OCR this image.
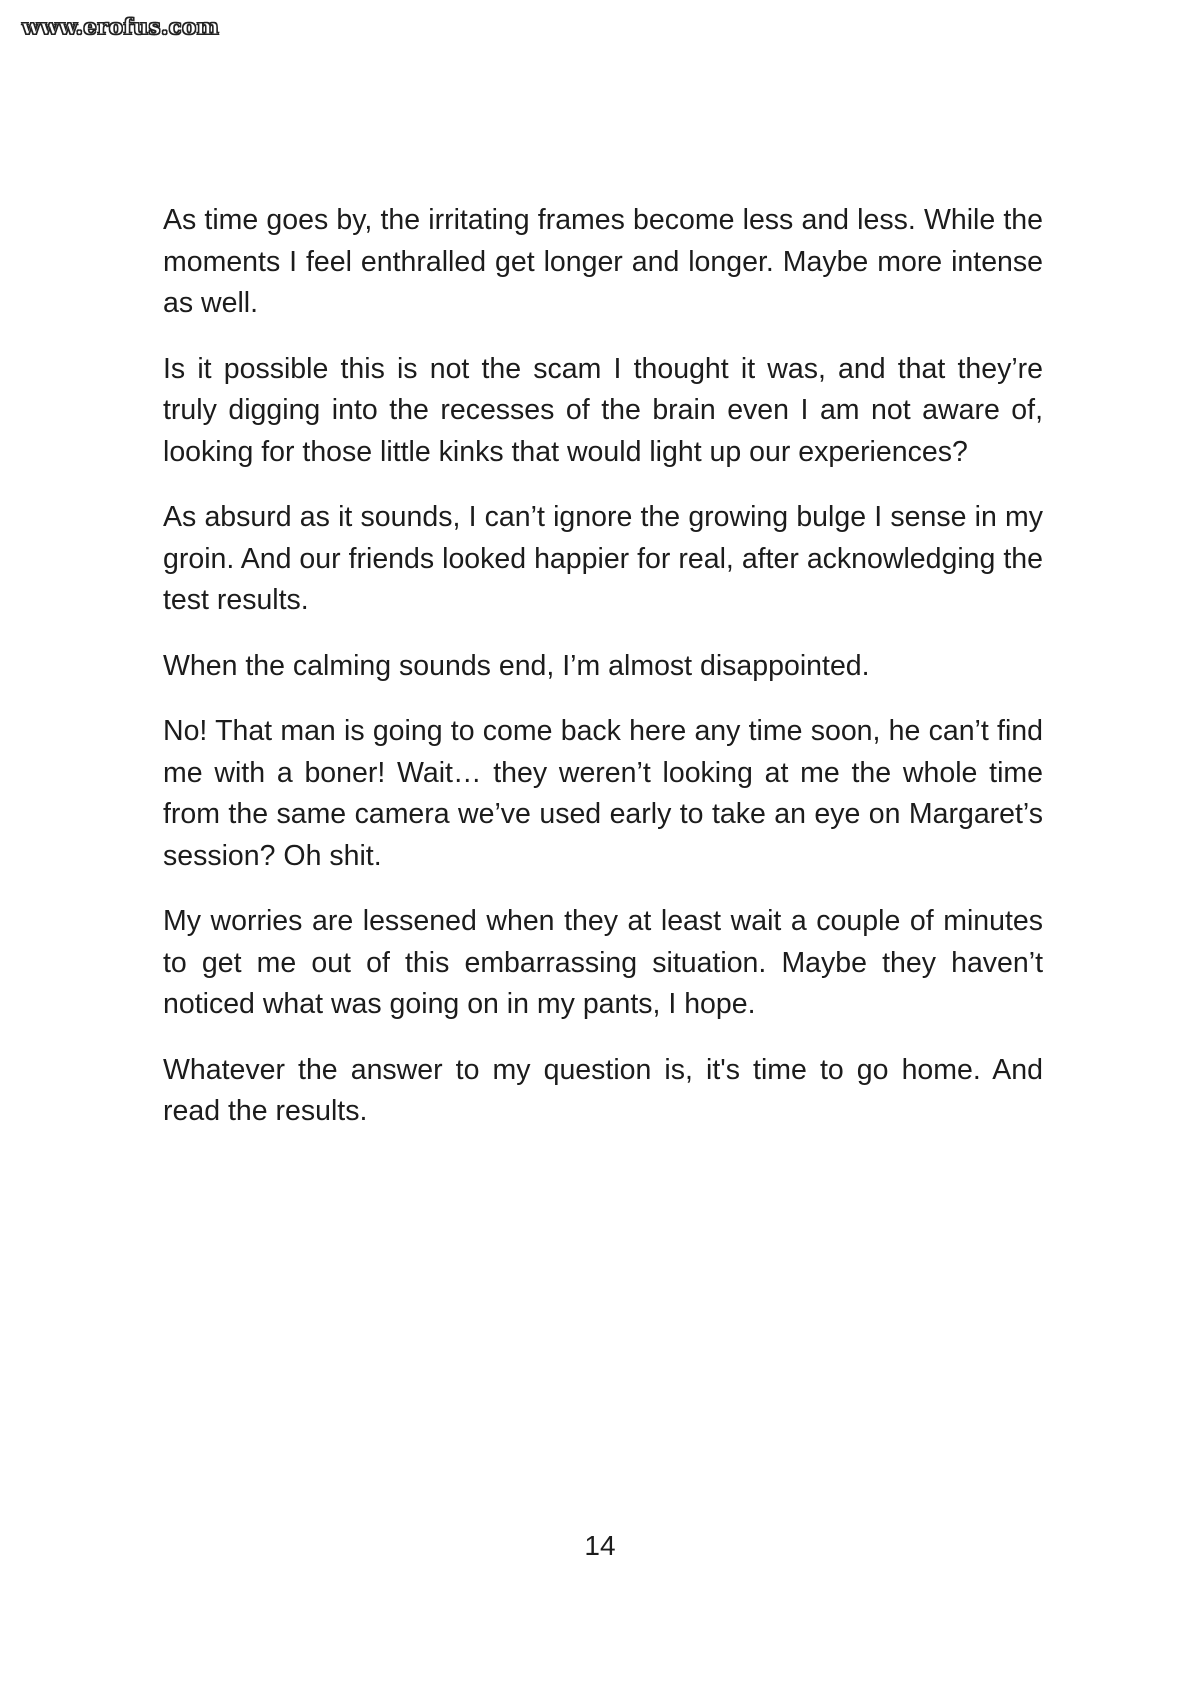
www.erofus.com

As time goes by, the irritating frames become less and less. While the moments I feel enthralled get longer and longer. Maybe more intense as well.

Is it possible this is not the scam I thought it was, and that they’re truly digging into the recesses of the brain even I am not aware of, looking for those little kinks that would light up our experiences?

As absurd as it sounds, I can’t ignore the growing bulge I sense in my groin. And our friends looked happier for real, after acknowledging the test results.

When the calming sounds end, I’m almost disappointed.

No! That man is going to come back here any time soon, he can’t find me with a boner! Wait… they weren’t looking at me the whole time from the same camera we’ve used early to take an eye on Margaret’s session? Oh shit.

My worries are lessened when they at least wait a couple of minutes to get me out of this embarrassing situation. Maybe they haven’t noticed what was going on in my pants, I hope.

Whatever the answer to my question is, it's time to go home. And read the results.

14
